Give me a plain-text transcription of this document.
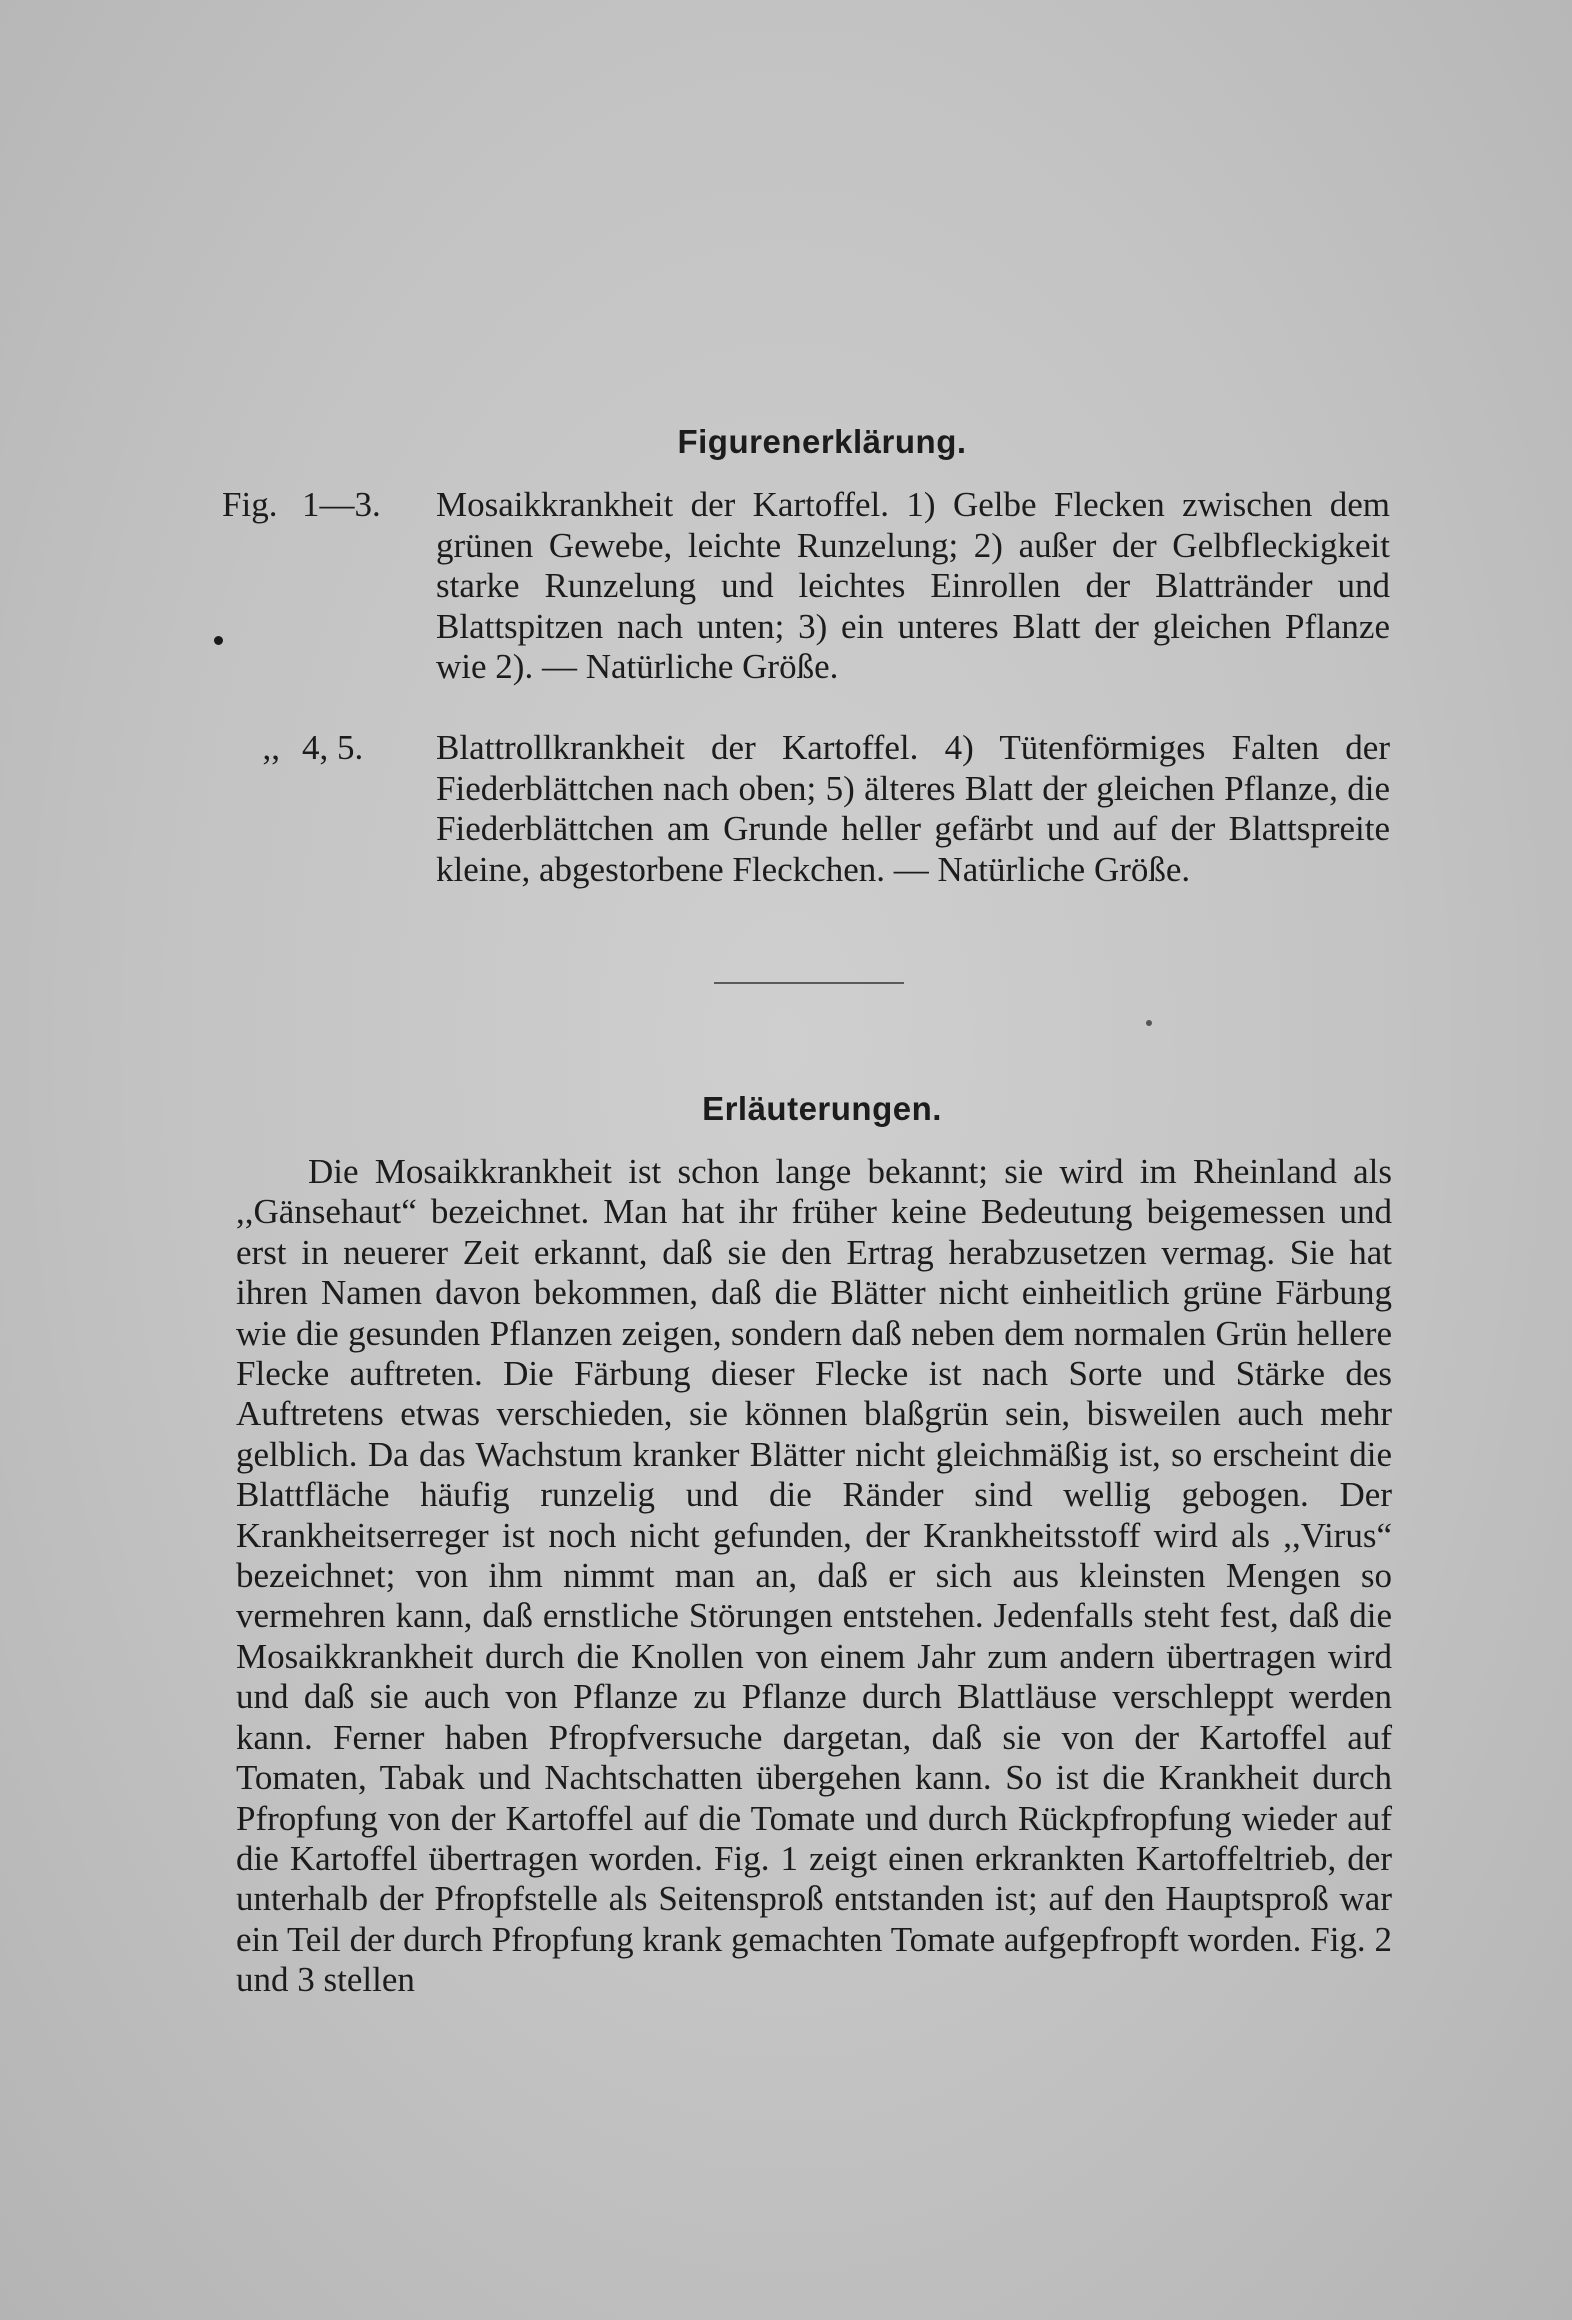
Figurenerklärung.
Fig. 1—3.	Mosaikkrankheit der Kartoffel. 1) Gelbe Flecken zwischen dem grünen Gewebe, leichte Runzelung; 2) außer der Gelbfleckigkeit starke Runzelung und leichtes Einrollen der Blattränder und Blattspitzen nach unten; 3) ein unteres Blatt der gleichen Pflanze wie 2). — Natürliche Größe.
,, 4, 5.	Blattrollkrankheit der Kartoffel. 4) Tütenförmiges Falten der Fiederblättchen nach oben; 5) älteres Blatt der gleichen Pflanze, die Fiederblättchen am Grunde heller gefärbt und auf der Blattspreite kleine, abgestorbene Fleckchen. — Natürliche Größe.
Erläuterungen.

Die Mosaikkrankheit ist schon lange bekannt; sie wird im Rheinland als ,,Gänsehaut“ bezeichnet. Man hat ihr früher keine Bedeutung beigemessen und erst in neuerer Zeit erkannt, daß sie den Ertrag herabzusetzen vermag. Sie hat ihren Namen davon bekommen, daß die Blätter nicht einheitlich grüne Färbung wie die gesunden Pflanzen zeigen, sondern daß neben dem normalen Grün hellere Flecke auftreten. Die Färbung dieser Flecke ist nach Sorte und Stärke des Auftretens etwas verschieden, sie können blaßgrün sein, bisweilen auch mehr gelblich. Da das Wachstum kranker Blätter nicht gleichmäßig ist, so erscheint die Blattfläche häufig runzelig und die Ränder sind wellig gebogen. Der Krankheitserreger ist noch nicht gefunden, der Krankheitsstoff wird als ,,Virus“ bezeichnet; von ihm nimmt man an, daß er sich aus kleinsten Mengen so vermehren kann, daß ernstliche Störungen entstehen. Jedenfalls steht fest, daß die Mosaikkrankheit durch die Knollen von einem Jahr zum andern übertragen wird und daß sie auch von Pflanze zu Pflanze durch Blattläuse verschleppt werden kann. Ferner haben Pfropfversuche dargetan, daß sie von der Kartoffel auf Tomaten, Tabak und Nachtschatten übergehen kann. So ist die Krankheit durch Pfropfung von der Kartoffel auf die Tomate und durch Rückpfropfung wieder auf die Kartoffel übertragen worden. Fig. 1 zeigt einen erkrankten Kartoffeltrieb, der unterhalb der Pfropfstelle als Seitensproß entstanden ist; auf den Hauptsproß war ein Teil der durch Pfropfung krank gemachten Tomate aufgepfropft worden. Fig. 2 und 3 stellen
